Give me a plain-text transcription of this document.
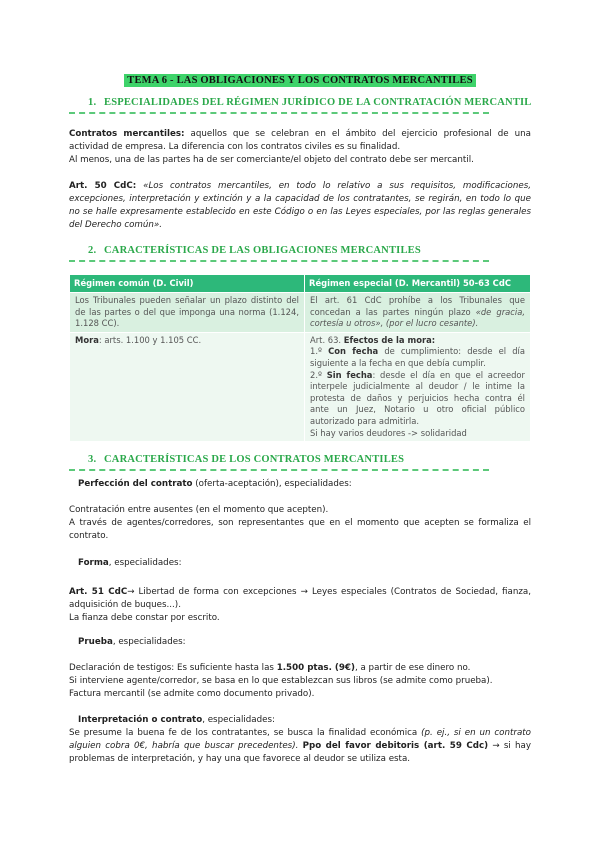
TEMA 6 - LAS OBLIGACIONES Y LOS CONTRATOS MERCANTILES
1. ESPECIALIDADES DEL RÉGIMEN JURÍDICO DE LA CONTRATACIÓN MERCANTIL
Contratos mercantiles: aquellos que se celebran en el ámbito del ejercicio profesional de una actividad de empresa. La diferencia con los contratos civiles es su finalidad.
Al menos, una de las partes ha de ser comerciante/el objeto del contrato debe ser mercantil.
Art. 50 CdC: «Los contratos mercantiles, en todo lo relativo a sus requisitos, modificaciones, excepciones, interpretación y extinción y a la capacidad de los contratantes, se regirán, en todo lo que no se halle expresamente establecido en este Código o en las Leyes especiales, por las reglas generales del Derecho común».
2. CARACTERÍSTICAS DE LAS OBLIGACIONES MERCANTILES
Régimen común (D. Civil)	Régimen especial (D. Mercantil) 50-63 CdC
Los Tribunales pueden señalar un plazo distinto del de las partes o del que imponga una norma (1.124, 1.128 CC).	El art. 61 CdC prohíbe a los Tribunales que concedan a las partes ningún plazo «de gracia, cortesía u otros», (por el lucro cesante).
Mora: arts. 1.100 y 1.105 CC.	Art. 63. Efectos de la mora:
1.º Con fecha de cumplimiento: desde el día siguiente a la fecha en que debía cumplir.
2.º Sin fecha: desde el día en que el acreedor interpele judicialmente al deudor / le intime la protesta de daños y perjuicios hecha contra él ante un Juez, Notario u otro oficial público autorizado para admitirla.
Si hay varios deudores -> solidaridad
3. CARACTERÍSTICAS DE LOS CONTRATOS MERCANTILES
Perfección del contrato (oferta-aceptación), especialidades:
Contratación entre ausentes (en el momento que acepten).
A través de agentes/corredores, son representantes que en el momento que acepten se formaliza el contrato.
Forma, especialidades:
Art. 51 CdC→ Libertad de forma con excepciones → Leyes especiales (Contratos de Sociedad, fianza, adquisición de buques...).
La fianza debe constar por escrito.
Prueba, especialidades:
Declaración de testigos: Es suficiente hasta las 1.500 ptas. (9€), a partir de ese dinero no.
Si interviene agente/corredor, se basa en lo que establezcan sus libros (se admite como prueba).
Factura mercantil (se admite como documento privado).
Interpretación o contrato, especialidades:
Se presume la buena fe de los contratantes, se busca la finalidad económica (p. ej., si en un contrato alguien cobra 0€, habría que buscar precedentes). Ppo del favor debitoris (art. 59 Cdc) → si hay problemas de interpretación, y hay una que favorece al deudor se utiliza esta.
